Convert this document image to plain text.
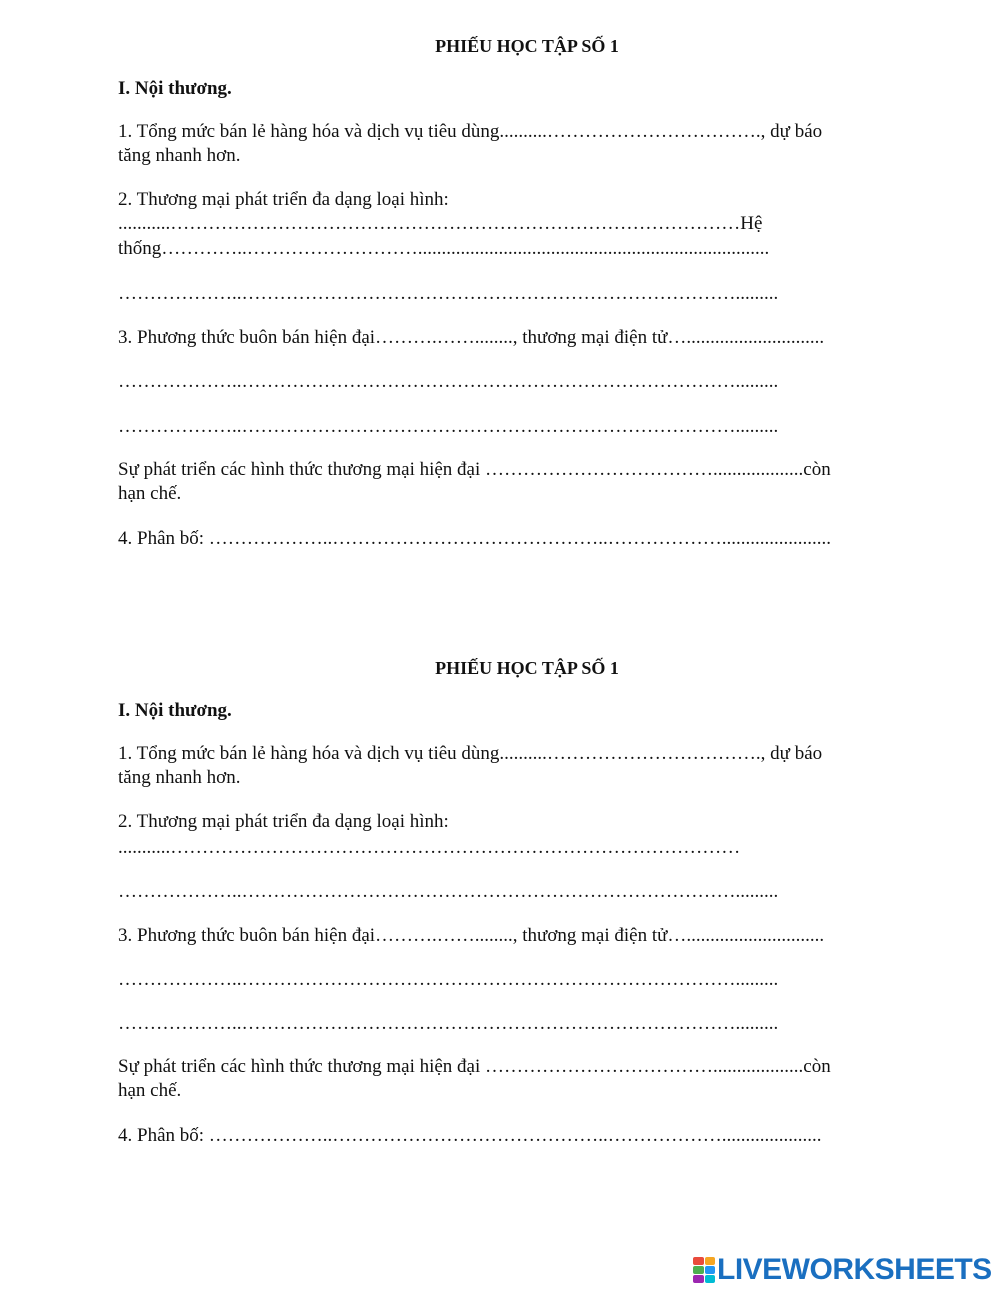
PHIẾU HỌC TẬP SỐ 1
I. Nội thương.
1. Tổng mức bán lẻ hàng hóa và dịch vụ tiêu dùng..........……………………………., dự báo
tăng nhanh hơn.
2. Thương mại phát triển đa dạng loại hình:
...........………………………………………………………………………………Hệ
thống…………..………………………..........................................................................
………………..…………………………………………………………………….........
3. Phương thức buôn bán hiện đại……….……........, thương mại điện tử….............................
………………..…………………………………………………………………….........
………………..…………………………………………………………………….........
Sự phát triển các hình thức thương mại hiện đại ………………………………...................còn
hạn chế.
4. Phân bố: ………………..……………………………………..……………….......................
PHIẾU HỌC TẬP SỐ 1
I. Nội thương.
1. Tổng mức bán lẻ hàng hóa và dịch vụ tiêu dùng..........……………………………., dự báo
tăng nhanh hơn.
2. Thương mại phát triển đa dạng loại hình:
...........………………………………………………………………………………
………………..…………………………………………………………………….........
3. Phương thức buôn bán hiện đại……….……........, thương mại điện tử….............................
………………..…………………………………………………………………….........
………………..…………………………………………………………………….........
Sự phát triển các hình thức thương mại hiện đại ………………………………...................còn
hạn chế.
4. Phân bố: ………………..……………………………………..……………….....................
LIVEWORKSHEETS
